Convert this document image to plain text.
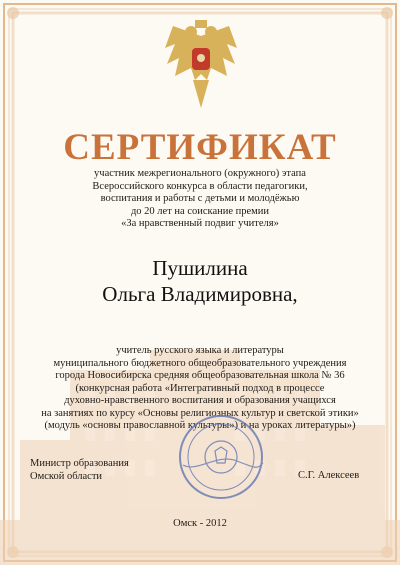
СЕРТИФИКАТ
участник межрегионального (окружного) этапа
Всероссийского конкурса в области педагогики,
воспитания и работы с детьми и молодёжью
до 20 лет на соискание премии
«За нравственный подвиг учителя»
Пушилина
Ольга Владимировна,
учитель русского языка и литературы
муниципального бюджетного общеобразовательного учреждения
города Новосибирска средняя общеобразовательная школа № 36
(конкурсная работа «Интегративный подход в процессе
духовно-нравственного воспитания и образования учащихся
на занятиях по курсу «Основы религиозных культур и светской этики»
(модуль «основы православной культуры») и на уроках литературы»)
Министр образования
Омской области	С.Г. Алексеев
Омск - 2012
